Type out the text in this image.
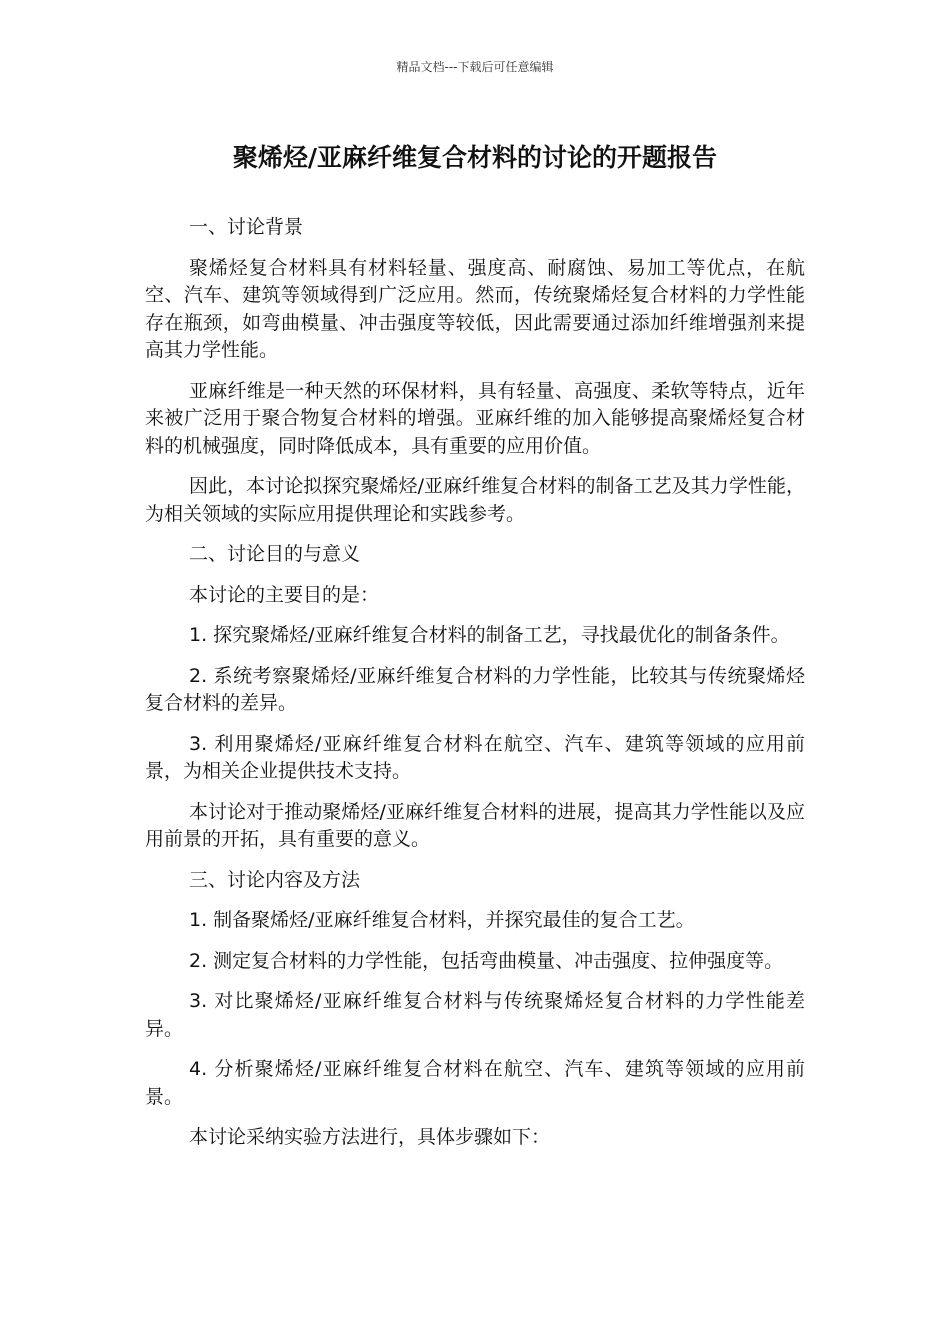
精品文档---下载后可任意编辑
聚烯烃/亚麻纤维复合材料的讨论的开题报告

一、讨论背景

聚烯烃复合材料具有材料轻量、强度高、耐腐蚀、易加工等优点，在航空、汽车、建筑等领域得到广泛应用。然而，传统聚烯烃复合材料的力学性能存在瓶颈，如弯曲模量、冲击强度等较低，因此需要通过添加纤维增强剂来提高其力学性能。

亚麻纤维是一种天然的环保材料，具有轻量、高强度、柔软等特点，近年来被广泛用于聚合物复合材料的增强。亚麻纤维的加入能够提高聚烯烃复合材料的机械强度，同时降低成本，具有重要的应用价值。

因此，本讨论拟探究聚烯烃/亚麻纤维复合材料的制备工艺及其力学性能，为相关领域的实际应用提供理论和实践参考。

二、讨论目的与意义

本讨论的主要目的是：

1. 探究聚烯烃/亚麻纤维复合材料的制备工艺，寻找最优化的制备条件。

2. 系统考察聚烯烃/亚麻纤维复合材料的力学性能，比较其与传统聚烯烃复合材料的差异。

3. 利用聚烯烃/亚麻纤维复合材料在航空、汽车、建筑等领域的应用前景，为相关企业提供技术支持。

本讨论对于推动聚烯烃/亚麻纤维复合材料的进展，提高其力学性能以及应用前景的开拓，具有重要的意义。

三、讨论内容及方法

1. 制备聚烯烃/亚麻纤维复合材料，并探究最佳的复合工艺。

2. 测定复合材料的力学性能，包括弯曲模量、冲击强度、拉伸强度等。

3. 对比聚烯烃/亚麻纤维复合材料与传统聚烯烃复合材料的力学性能差异。

4. 分析聚烯烃/亚麻纤维复合材料在航空、汽车、建筑等领域的应用前景。

本讨论采纳实验方法进行，具体步骤如下：
